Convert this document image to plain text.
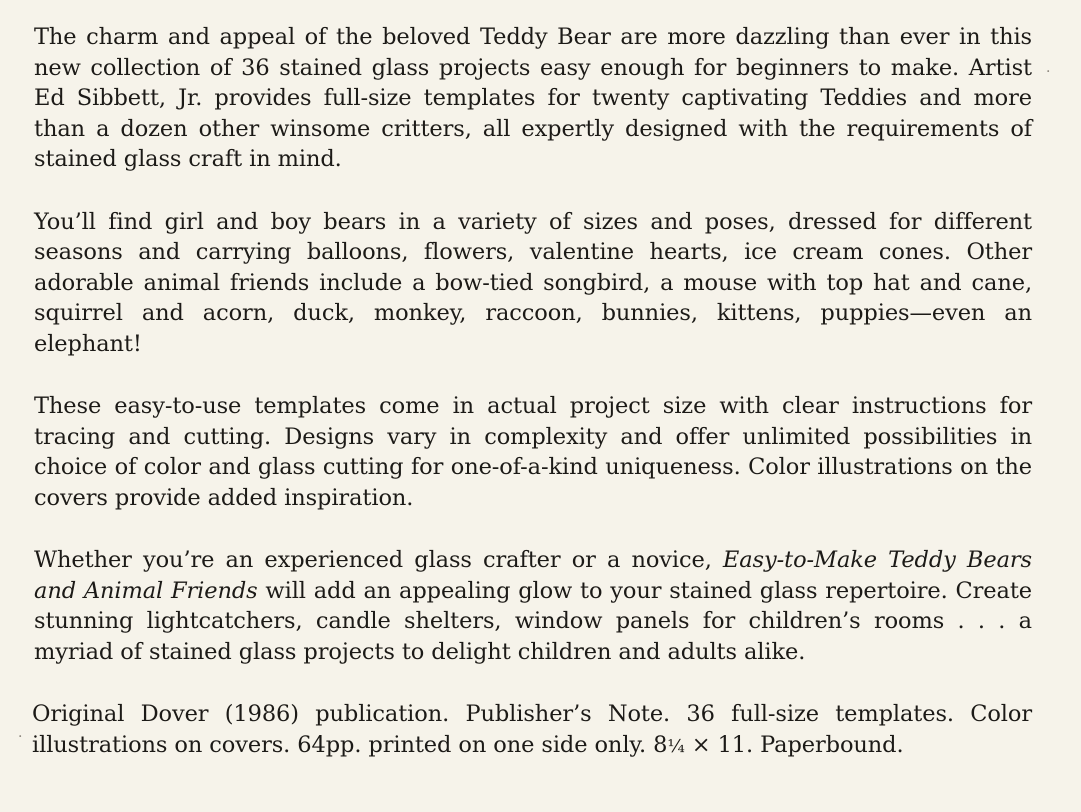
The charm and appeal of the beloved Teddy Bear are more dazzling than ever in this new collection of 36 stained glass projects easy enough for beginners to make. Artist Ed Sibbett, Jr. provides full-size templates for twenty captivating Teddies and more than a dozen other winsome critters, all expertly designed with the requirements of stained glass craft in mind.

You’ll find girl and boy bears in a variety of sizes and poses, dressed for different seasons and carrying balloons, flowers, valentine hearts, ice cream cones. Other adorable animal friends include a bow-tied songbird, a mouse with top hat and cane, squirrel and acorn, duck, monkey, raccoon, bunnies, kittens, puppies—even an elephant!

These easy-to-use templates come in actual project size with clear instructions for tracing and cutting. Designs vary in complexity and offer unlimited possibilities in choice of color and glass cutting for one-of-a-kind uniqueness. Color illustrations on the covers provide added inspiration.

Whether you’re an experienced glass crafter or a novice, Easy-to-Make Teddy Bears and Animal Friends will add an appealing glow to your stained glass repertoire. Create stunning lightcatchers, candle shelters, window panels for children’s rooms . . . a myriad of stained glass projects to delight children and adults alike.

Original Dover (1986) publication. Publisher’s Note. 36 full-size templates. Color illustrations on covers. 64pp. printed on one side only. 8¼ × 11. Paperbound.

·
·
